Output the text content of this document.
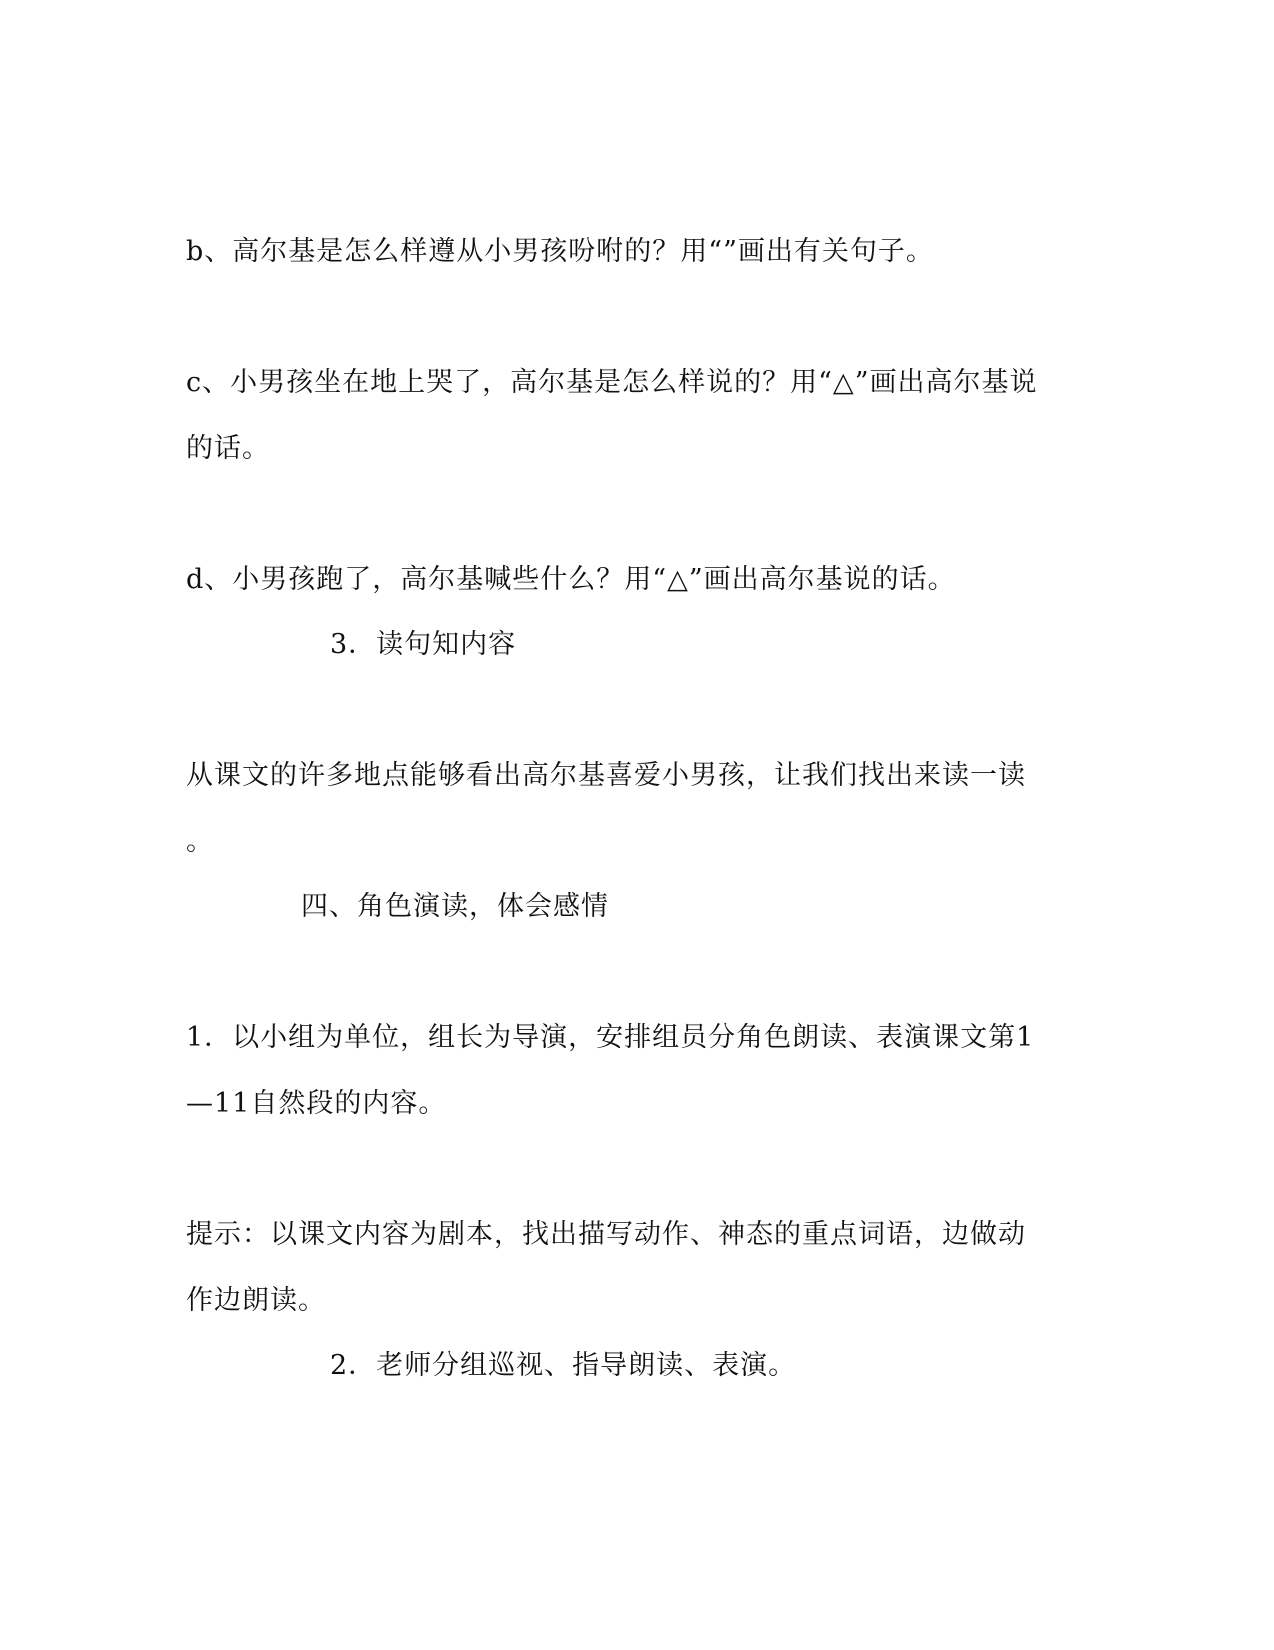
b、高尔基是怎么样遵从小男孩吩咐的？用“”画出有关句子。
c、小男孩坐在地上哭了，高尔基是怎么样说的？用“△”画出高尔基说
的话。
d、小男孩跑了，高尔基喊些什么？用“△”画出高尔基说的话。
3．读句知内容
从课文的许多地点能够看出高尔基喜爱小男孩，让我们找出来读一读
。
四、角色演读，体会感情
1．以小组为单位，组长为导演，安排组员分角色朗读、表演课文第1
—11自然段的内容。
提示：以课文内容为剧本，找出描写动作、神态的重点词语，边做动
作边朗读。
2．老师分组巡视、指导朗读、表演。
